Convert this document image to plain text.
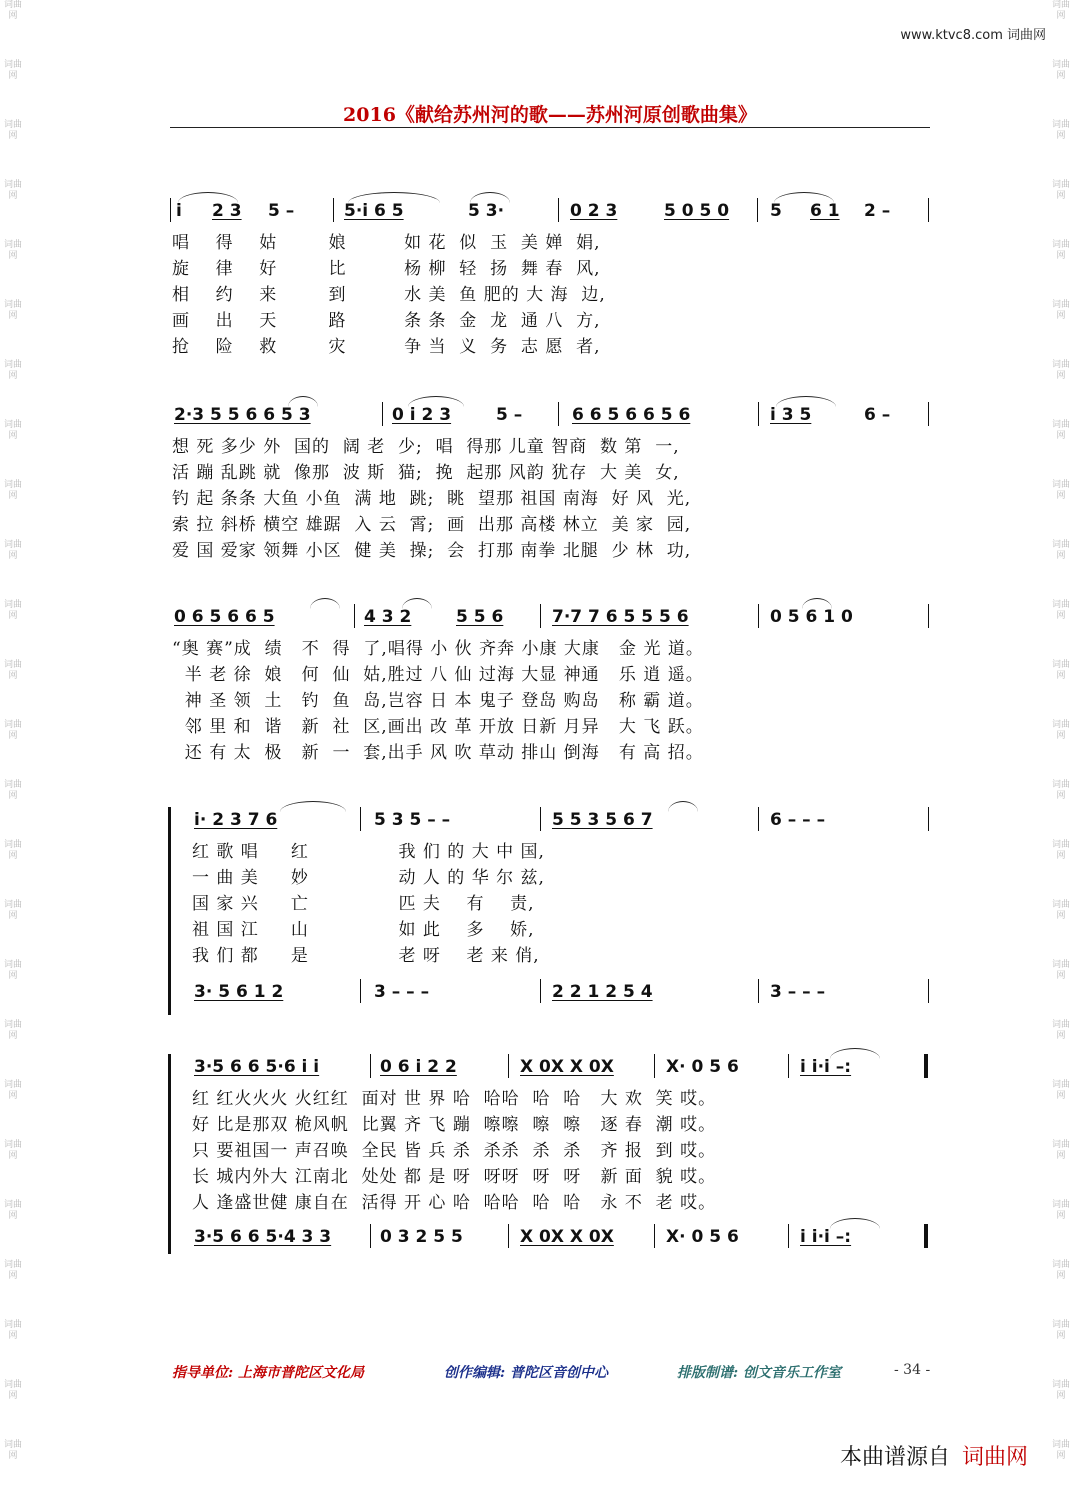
词曲网
词曲网
词曲网
词曲网
词曲网
词曲网
词曲网
词曲网
词曲网
词曲网
词曲网
词曲网
词曲网
词曲网
词曲网
词曲网
词曲网
词曲网
词曲网
词曲网
词曲网
词曲网
词曲网
词曲网
词曲网
词曲网
词曲网
词曲网
词曲网
词曲网
词曲网
词曲网
词曲网
词曲网
词曲网
词曲网
词曲网
词曲网
词曲网
词曲网
词曲网
词曲网
词曲网
词曲网
词曲网
词曲网
词曲网
词曲网
词曲网
词曲网
www.ktvc8.com 词曲网
2016《献给苏州河的歌——苏州河原创歌曲集》
i 2 3 5 –	5·i 6 5	5 3·	0 2 3	5 0 5 0 5 6 1 2 –
唱    得    姑        娘         如 花  似  玉  美 婵  娟,
旋    律    好        比         杨 柳  轻  扬  舞 春  风,
相    约    来        到         水 美  鱼 肥的 大 海  边,
画    出    天        路         条 条  金  龙  通 八  方,
抢    险    救        灾         争 当  义  务  志 愿  者,
2·3 5 5 6 6 5 3	0 i 2 3	5 –	6 6 5 6 6 5 6	i 3 5	6 –
想 死 多少 外  国的  阔 老  少;  唱  得那 儿童 智商  数 第  一,
活 蹦 乱跳 就  像那  波 斯  猫;  挽  起那 风韵 犹存  大 美  女,
钓 起 条条 大鱼 小鱼  满 地  跳;  眺  望那 祖国 南海  好 风  光,
索 拉 斜桥 横空 雄踞  入 云  霄;  画  出那 高楼 林立  美 家  园,
爱 国 爱家 领舞 小区  健 美  操;  会  打那 南拳 北腿  少 林  功,
0 6 5 6 6 5	4 3 2	5 5 6	7·7 7 6 5 5 5 6	0 5 6 1 0
“奥 赛”成  绩   不  得  了,唱得 小 伙 齐奔 小康 大康   金 光 道。
半 老 徐  娘   何  仙  姑,胜过 八 仙 过海 大显 神通   乐 逍 遥。
神 圣 领  土   钓  鱼  岛,岂容 日 本 鬼子 登岛 购岛   称 霸 道。
邻 里 和  谐   新  社  区,画出 改 革 开放 日新 月异   大 飞 跃。
还 有 太  极   新  一  套,出手 风 吹 草动 排山 倒海   有 高 招。
i· 2 3 7 6	5 3 5 – –	5 5 3 5 6 7	6 – – –
红 歌 唱     红              我 们 的 大 中 国,
一 曲 美     妙              动 人 的 华 尔 兹,
国 家 兴     亡              匹 夫    有    责,
祖 国 江     山              如 此    多    娇,
我 们 都     是              老 呀    老 来 俏,
3· 5 6 1 2	3 – – –	2 2 1 2 5 4	3 – – –
3·5 6 6 5·6 i i	0 6 i 2 2	X 0X X 0X	X· 0 5 6	i i·i –:
红 红火火火 火红红  面对 世 界 哈  哈哈  哈  哈   大 欢  笑 哎。
好 比是那双 桅风帆  比翼 齐 飞 蹦  嚓嚓  嚓  嚓   逐 春  潮 哎。
只 要祖国一 声召唤  全民 皆 兵 杀  杀杀  杀  杀   齐 报  到 哎。
长 城内外大 江南北  处处 都 是 呀  呀呀  呀  呀   新 面  貌 哎。
人 逢盛世健 康自在  活得 开 心 哈  哈哈  哈  哈   永 不  老 哎。
3·5 6 6 5·4 3 3	0 3 2 5 5	X 0X X 0X	X· 0 5 6	i i·i –:
指导单位: 上海市普陀区文化局	创作编辑: 普陀区音创中心	排版制谱: 创文音乐工作室	- 34 -
本曲谱源自 词曲网
